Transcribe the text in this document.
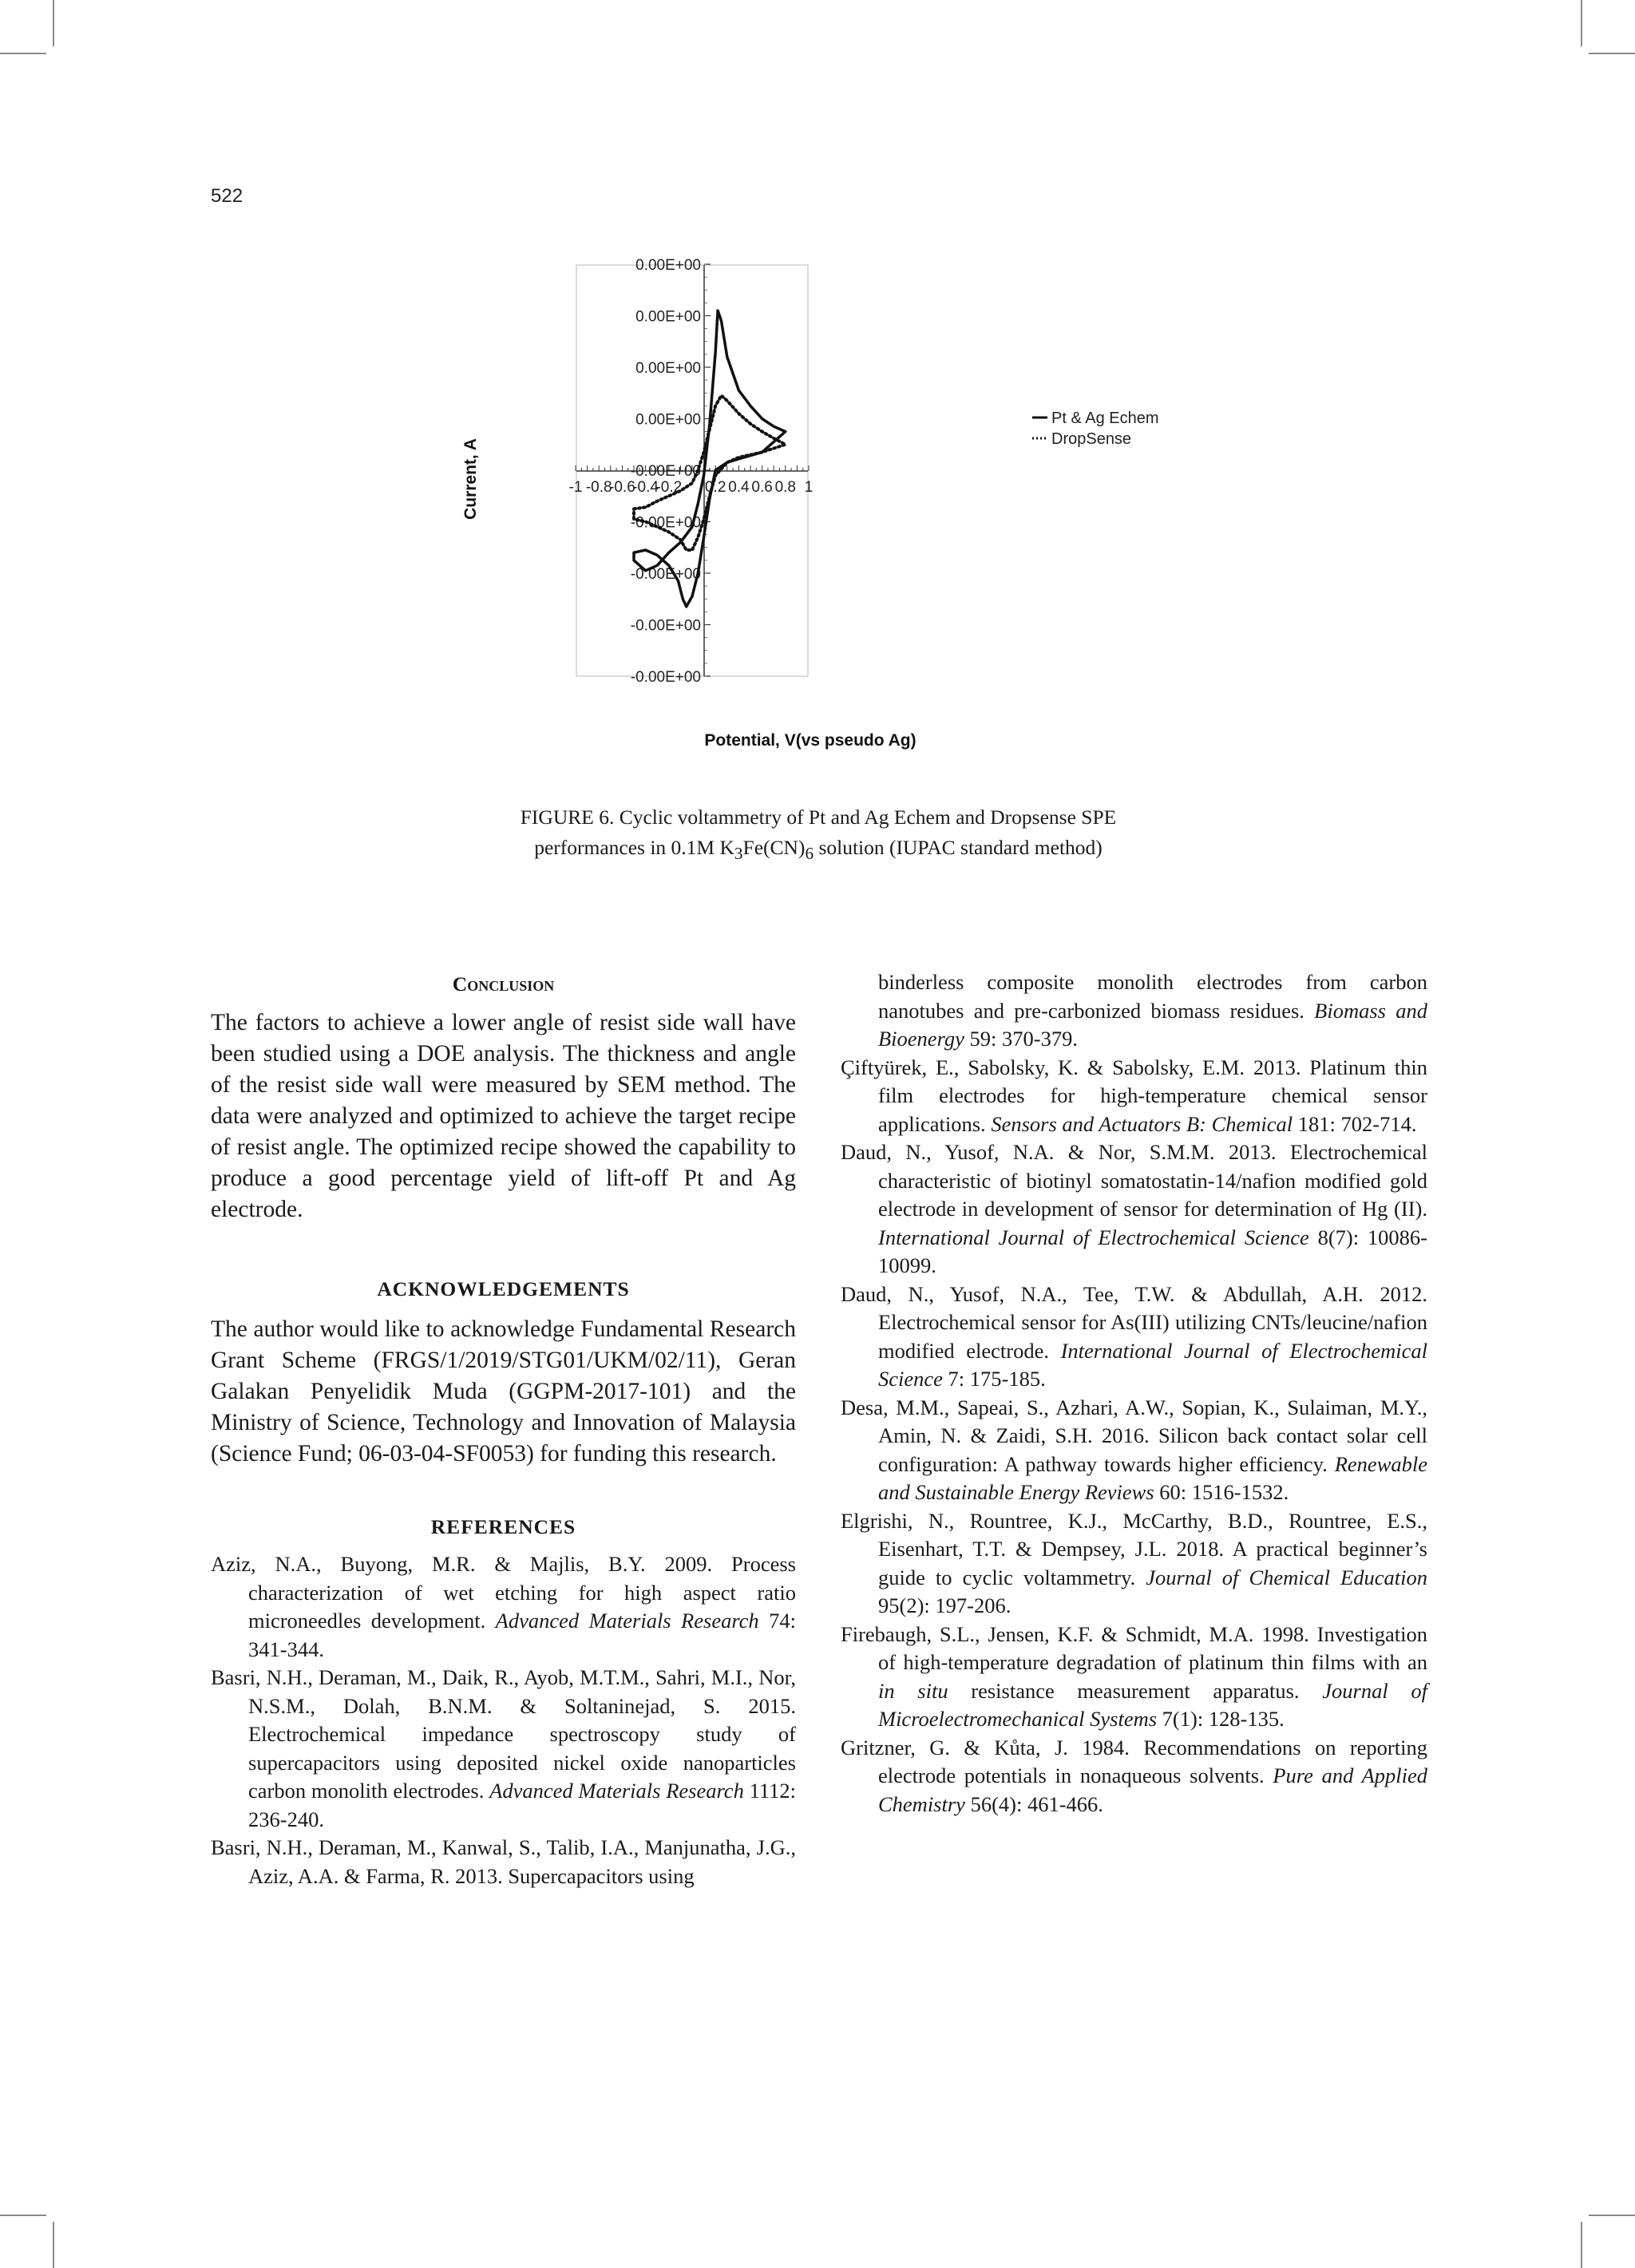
522
-1 -0.8
-0.6
-0.4
-0.2 0.2 0.4 0.6 0.8 1
0.00E+00
0.00E+00
0.00E+00
0.00E+00
-0.00E+00
-0.00E+00
-0.00E+00
-0.00E+00
-0.00E+00
Pt & Ag Echem
DropSense
Current, A
Potential, V(vs pseudo Ag)
FIGURE 6. Cyclic voltammetry of Pt and Ag Echem and Dropsense SPE
performances in 0.1M $K_3Fe(CN)_6$ solution (IUPAC standard method)
Conclusion

The factors to achieve a lower angle of resist side wall have been studied using a DOE analysis. The thickness and angle of the resist side wall were measured by SEM method. The data were analyzed and optimized to achieve the target recipe of resist angle. The optimized recipe showed the capability to produce a good percentage yield of lift-off Pt and Ag electrode.

ACKNOWLEDGEMENTS

The author would like to acknowledge Fundamental Research Grant Scheme (FRGS/1/2019/STG01/UKM/02/11), Geran Galakan Penyelidik Muda (GGPM-2017-101) and the Ministry of Science, Technology and Innovation of Malaysia (Science Fund; 06-03-04-SF0053) for funding this research.

REFERENCES
Aziz, N.A., Buyong, M.R. & Majlis, B.Y. 2009. Process characterization of wet etching for high aspect ratio microneedles development. Advanced Materials Research 74: 341-344.
Basri, N.H., Deraman, M., Daik, R., Ayob, M.T.M., Sahri, M.I., Nor, N.S.M., Dolah, B.N.M. & Soltaninejad, S. 2015. Electrochemical impedance spectroscopy study of supercapacitors using deposited nickel oxide nanoparticles carbon monolith electrodes. Advanced Materials Research 1112: 236-240.
Basri, N.H., Deraman, M., Kanwal, S., Talib, I.A., Manjunatha, J.G., Aziz, A.A. & Farma, R. 2013. Supercapacitors using
binderless composite monolith electrodes from carbon nanotubes and pre-carbonized biomass residues. Biomass and Bioenergy 59: 370-379.
Çiftyürek, E., Sabolsky, K. & Sabolsky, E.M. 2013. Platinum thin film electrodes for high-temperature chemical sensor applications. Sensors and Actuators B: Chemical 181: 702-714.
Daud, N., Yusof, N.A. & Nor, S.M.M. 2013. Electrochemical characteristic of biotinyl somatostatin-14/nafion modified gold electrode in development of sensor for determination of Hg (II). International Journal of Electrochemical Science 8(7): 10086-10099.
Daud, N., Yusof, N.A., Tee, T.W. & Abdullah, A.H. 2012. Electrochemical sensor for As(III) utilizing CNTs/leucine/nafion modified electrode. International Journal of Electrochemical Science 7: 175-185.
Desa, M.M., Sapeai, S., Azhari, A.W., Sopian, K., Sulaiman, M.Y., Amin, N. & Zaidi, S.H. 2016. Silicon back contact solar cell configuration: A pathway towards higher efficiency. Renewable and Sustainable Energy Reviews 60: 1516-1532.
Elgrishi, N., Rountree, K.J., McCarthy, B.D., Rountree, E.S., Eisenhart, T.T. & Dempsey, J.L. 2018. A practical beginner’s guide to cyclic voltammetry. Journal of Chemical Education 95(2): 197-206.
Firebaugh, S.L., Jensen, K.F. & Schmidt, M.A. 1998. Investigation of high-temperature degradation of platinum thin films with an in situ resistance measurement apparatus. Journal of Microelectromechanical Systems 7(1): 128-135.
Gritzner, G. & Kůta, J. 1984. Recommendations on reporting electrode potentials in nonaqueous solvents. Pure and Applied Chemistry 56(4): 461-466.
